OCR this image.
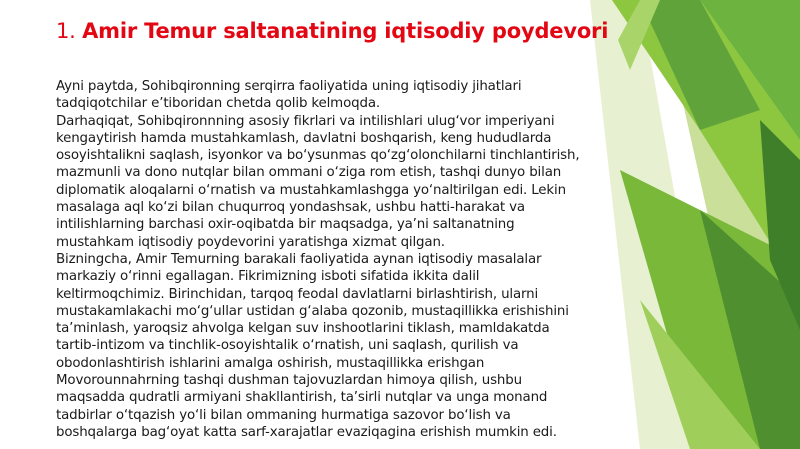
1. Amir Temur saltanatining iqtisodiy poydevori
Ayni paytda, Sohibqironning serqirra faoliyatida uning iqtisodiy jihatlari
tadqiqotchilar e’tiboridan chetda qolib kelmoqda.
Darhaqiqat, Sohibqironnning asosiy fikrlari va intilishlari ulug‘vor imperiyani
kengaytirish hamda mustahkamlash, davlatni boshqarish, keng hududlarda
osoyishtalikni saqlash, isyonkor va bo‘ysunmas qo‘zg‘olonchilarni tinchlantirish,
mazmunli va dono nutqlar bilan ommani o‘ziga rom etish, tashqi dunyo bilan
diplomatik aloqalarni o‘rnatish va mustahkamlashgga yo‘naltirilgan edi. Lekin
masalaga aql ko‘zi bilan chuqurroq yondashsak, ushbu hatti-harakat va
intilishlarning barchasi oxir-oqibatda bir maqsadga, ya’ni saltanatning
mustahkam iqtisodiy poydevorini yaratishga xizmat qilgan.
Bizningcha, Amir Temurning barakali faoliyatida aynan iqtisodiy masalalar
markaziy o‘rinni egallagan. Fikrimizning isboti sifatida ikkita dalil
keltirmoqchimiz. Birinchidan, tarqoq feodal davlatlarni birlashtirish, ularni
mustakamlakachi mo‘g‘ullar ustidan g‘alaba qozonib, mustaqillikka erishishini
ta’minlash, yaroqsiz ahvolga kelgan suv inshootlarini tiklash, mamldakatda
tartib-intizom va tinchlik-osoyishtalik o‘rnatish, uni saqlash, qurilish va
obodonlashtirish ishlarini amalga oshirish, mustaqillikka erishgan
Movorounnahrning tashqi dushman tajovuzlardan himoya qilish, ushbu
maqsadda qudratli armiyani shakllantirish, ta’sirli nutqlar va unga monand
tadbirlar o‘tqazish yo‘li bilan ommaning hurmatiga sazovor bo‘lish va
boshqalarga bag‘oyat katta sarf-xarajatlar evaziqagina erishish mumkin edi.
